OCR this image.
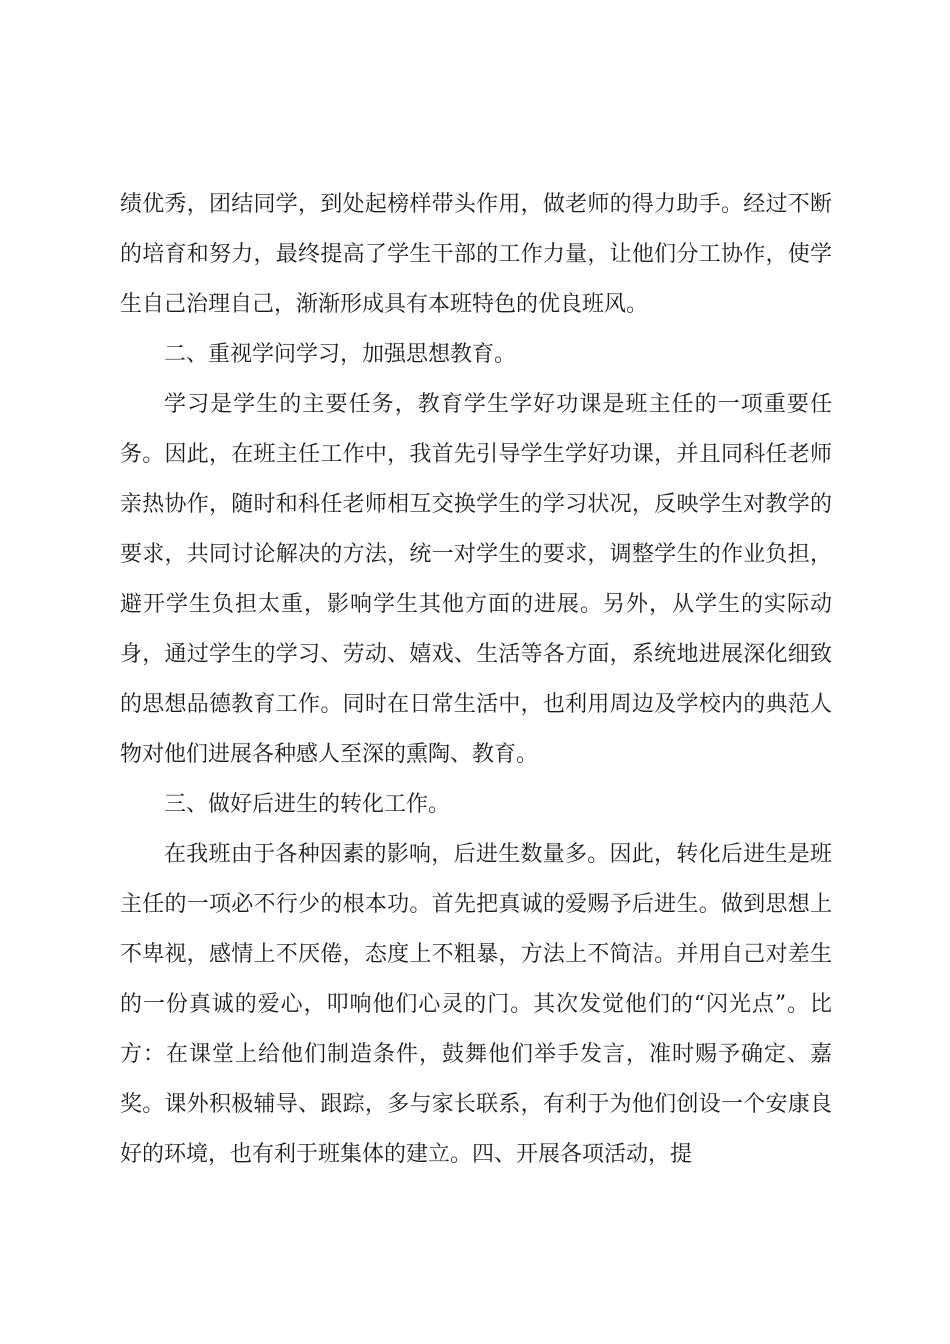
绩优秀，团结同学，到处起榜样带头作用，做老师的得力助手。经过不断的培育和努力，最终提高了学生干部的工作力量，让他们分工协作，使学生自己治理自己，渐渐形成具有本班特色的优良班风。

二、重视学问学习，加强思想教育。

学习是学生的主要任务，教育学生学好功课是班主任的一项重要任务。因此，在班主任工作中，我首先引导学生学好功课，并且同科任老师亲热协作，随时和科任老师相互交换学生的学习状况，反映学生对教学的要求，共同讨论解决的方法，统一对学生的要求，调整学生的作业负担，避开学生负担太重，影响学生其他方面的进展。另外，从学生的实际动身，通过学生的学习、劳动、嬉戏、生活等各方面，系统地进展深化细致的思想品德教育工作。同时在日常生活中，也利用周边及学校内的典范人物对他们进展各种感人至深的熏陶、教育。

三、做好后进生的转化工作。

在我班由于各种因素的影响，后进生数量多。因此，转化后进生是班主任的一项必不行少的根本功。首先把真诚的爱赐予后进生。做到思想上不卑视，感情上不厌倦，态度上不粗暴，方法上不简洁。并用自己对差生的一份真诚的爱心，叩响他们心灵的门。其次发觉他们的“闪光点”。比方：在课堂上给他们制造条件，鼓舞他们举手发言，准时赐予确定、嘉奖。课外积极辅导、跟踪，多与家长联系，有利于为他们创设一个安康良好的环境，也有利于班集体的建立。四、开展各项活动，提
